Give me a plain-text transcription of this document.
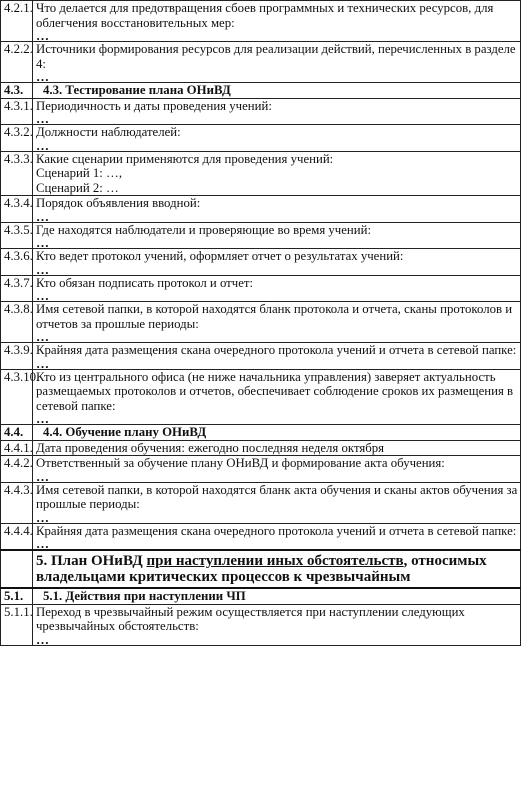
4.2.1.	Что делается для предотвращения сбоев программных и технических ресурсов, для облегчения восстановительных мер:
…

4.2.2.	Источники формирования ресурсов для реализации действий, перечисленных в разделе 4:
…

4.3.	4.3. Тестирование плана ОНиВД
4.3.1.	Периодичность и даты проведения учений:
…

4.3.2.	Должности наблюдателей:
…

4.3.3.	Какие сценарии применяются для проведения учений:
Сценарий 1: …,
Сценарий 2: …

4.3.4.	Порядок объявления вводной:
…

4.3.5.	Где находятся наблюдатели и проверяющие во время учений:
…

4.3.6.	Кто ведет протокол учений, оформляет отчет о результатах учений:
…

4.3.7.	Кто обязан подписать протокол и отчет:
…

4.3.8.	Имя сетевой папки, в которой находятся бланк протокола и отчета, сканы протоколов и отчетов за прошлые периоды:
…

4.3.9.	Крайняя дата размещения скана очередного протокола учений и отчета в сетевой папке:
…

4.3.10.	Кто из центрального офиса (не ниже начальника управления) заверяет актуальность размещаемых протоколов и отчетов, обеспечивает соблюдение сроков их размещения в сетевой папке:
…

4.4.	4.4. Обучение плану ОНиВД
4.4.1.	Дата проведения обучения: ежегодно последняя неделя октября

4.4.2.	Ответственный за обучение плану ОНиВД и формирование акта обучения:
…

4.4.3.	Имя сетевой папки, в которой находятся бланк акта обучения и сканы актов обучения за прошлые периоды:
…

4.4.4.	Крайняя дата размещения скана очередного протокола учений и отчета в сетевой папке:
…

	5. План ОНиВД при наступлении иных обстоятельств, относимых владельцами критических процессов к чрезвычайным
5.1.	5.1. Действия при наступлении ЧП
5.1.1.	Переход в чрезвычайный режим осуществляется при наступлении следующих чрезвычайных обстоятельств:
…
